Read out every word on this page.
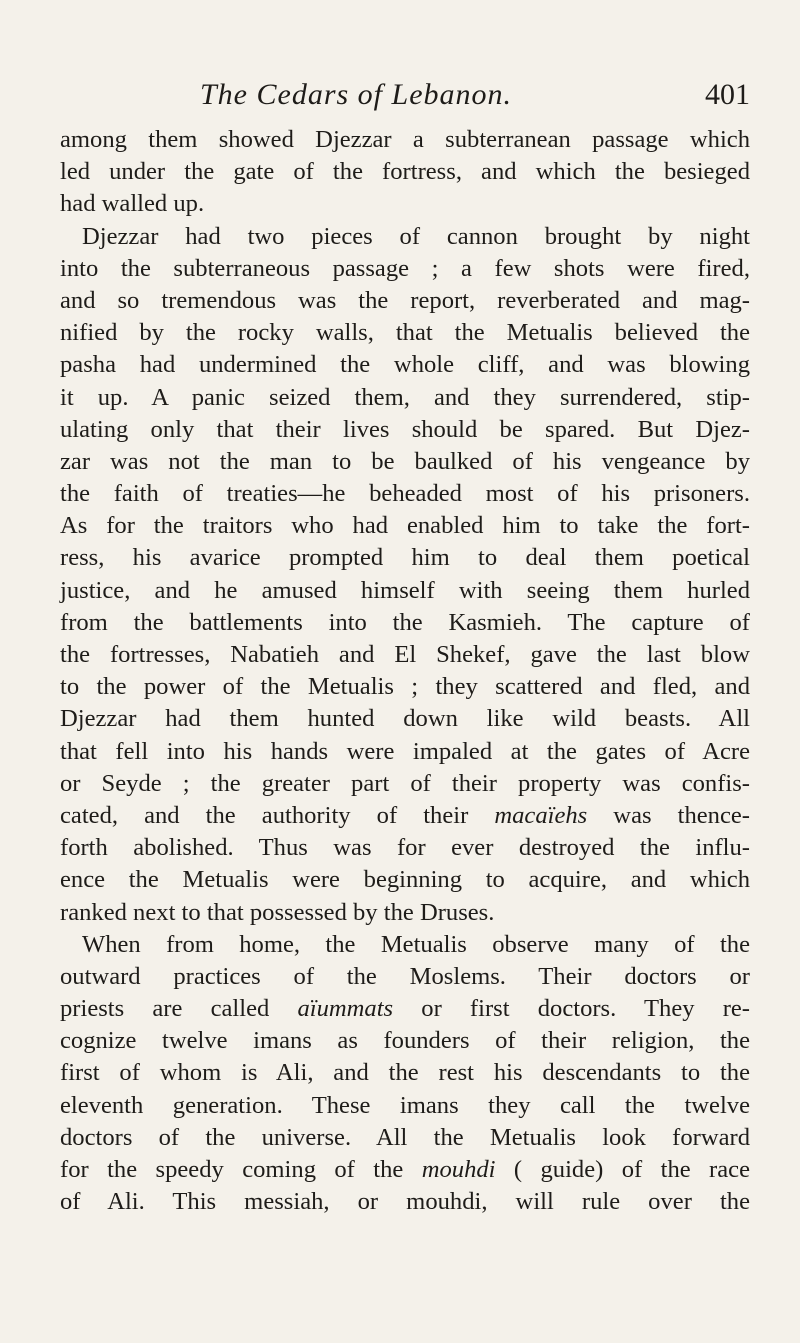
The Cedars of Lebanon.	401
among them showed Djezzar a subterranean passage which
led under the gate of the fortress, and which the besieged
had walled up.
Djezzar had two pieces of cannon brought by night
into the subterraneous passage ; a few shots were fired,
and so tremendous was the report, reverberated and mag-
nified by the rocky walls, that the Metualis believed the
pasha had undermined the whole cliff, and was blowing
it up. A panic seized them, and they surrendered, stip-
ulating only that their lives should be spared. But Djez-
zar was not the man to be baulked of his vengeance by
the faith of treaties—he beheaded most of his prisoners.
As for the traitors who had enabled him to take the fort-
ress, his avarice prompted him to deal them poetical
justice, and he amused himself with seeing them hurled
from the battlements into the Kasmieh. The capture of
the fortresses, Nabatieh and El Shekef, gave the last blow
to the power of the Metualis ; they scattered and fled, and
Djezzar had them hunted down like wild beasts. All
that fell into his hands were impaled at the gates of Acre
or Seyde ; the greater part of their property was confis-
cated, and the authority of their macaïehs was thence-
forth abolished. Thus was for ever destroyed the influ-
ence the Metualis were beginning to acquire, and which
ranked next to that possessed by the Druses.
When from home, the Metualis observe many of the
outward practices of the Moslems. Their doctors or
priests are called aïummats or first doctors. They re-
cognize twelve imans as founders of their religion, the
first of whom is Ali, and the rest his descendants to the
eleventh generation. These imans they call the twelve
doctors of the universe. All the Metualis look forward
for the speedy coming of the mouhdi ( guide) of the race
of Ali. This messiah, or mouhdi, will rule over the
